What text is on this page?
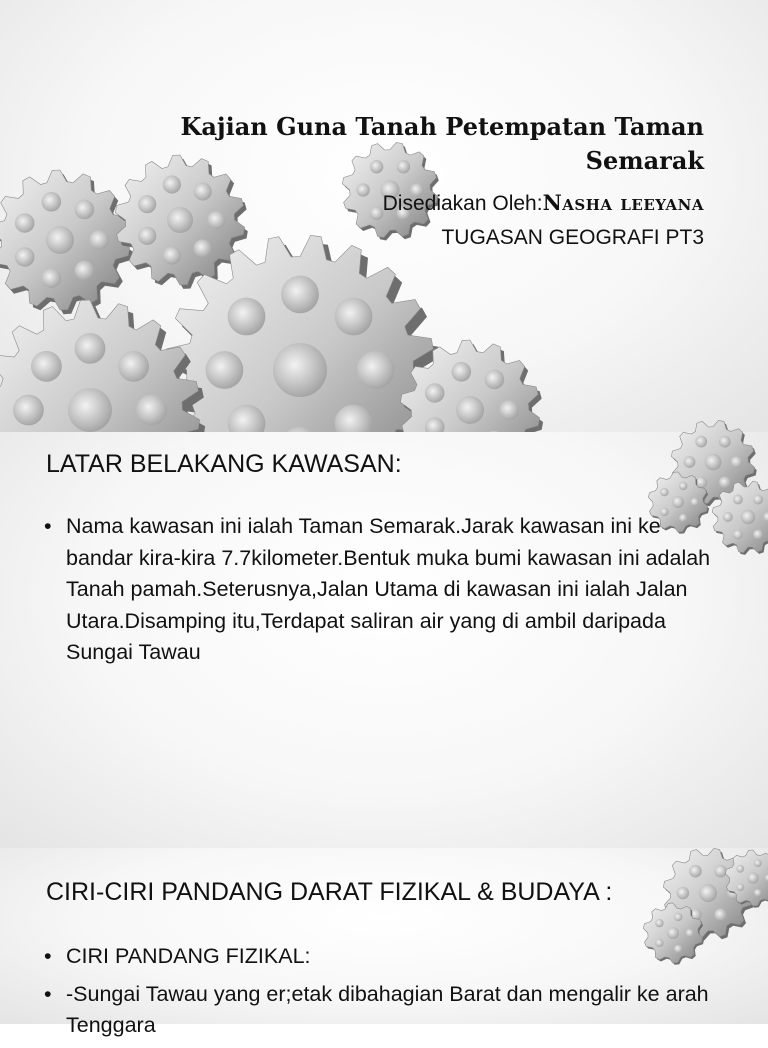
Kajian Guna Tanah Petempatan Taman Semarak
Disediakan Oleh:Nasha leeyana
TUGASAN GEOGRAFI PT3
LATAR BELAKANG KAWASAN:
• Nama kawasan ini ialah Taman Semarak.Jarak kawasan ini ke bandar kira-kira 7.7kilometer.Bentuk muka bumi kawasan ini adalah Tanah pamah.Seterusnya,Jalan Utama di kawasan ini ialah Jalan Utara.Disamping itu,Terdapat saliran air yang di ambil daripada Sungai Tawau
CIRI-CIRI PANDANG DARAT FIZIKAL & BUDAYA :
• CIRI PANDANG FIZIKAL:
• -Sungai Tawau yang er;etak dibahagian Barat dan mengalir ke arah Tenggara
